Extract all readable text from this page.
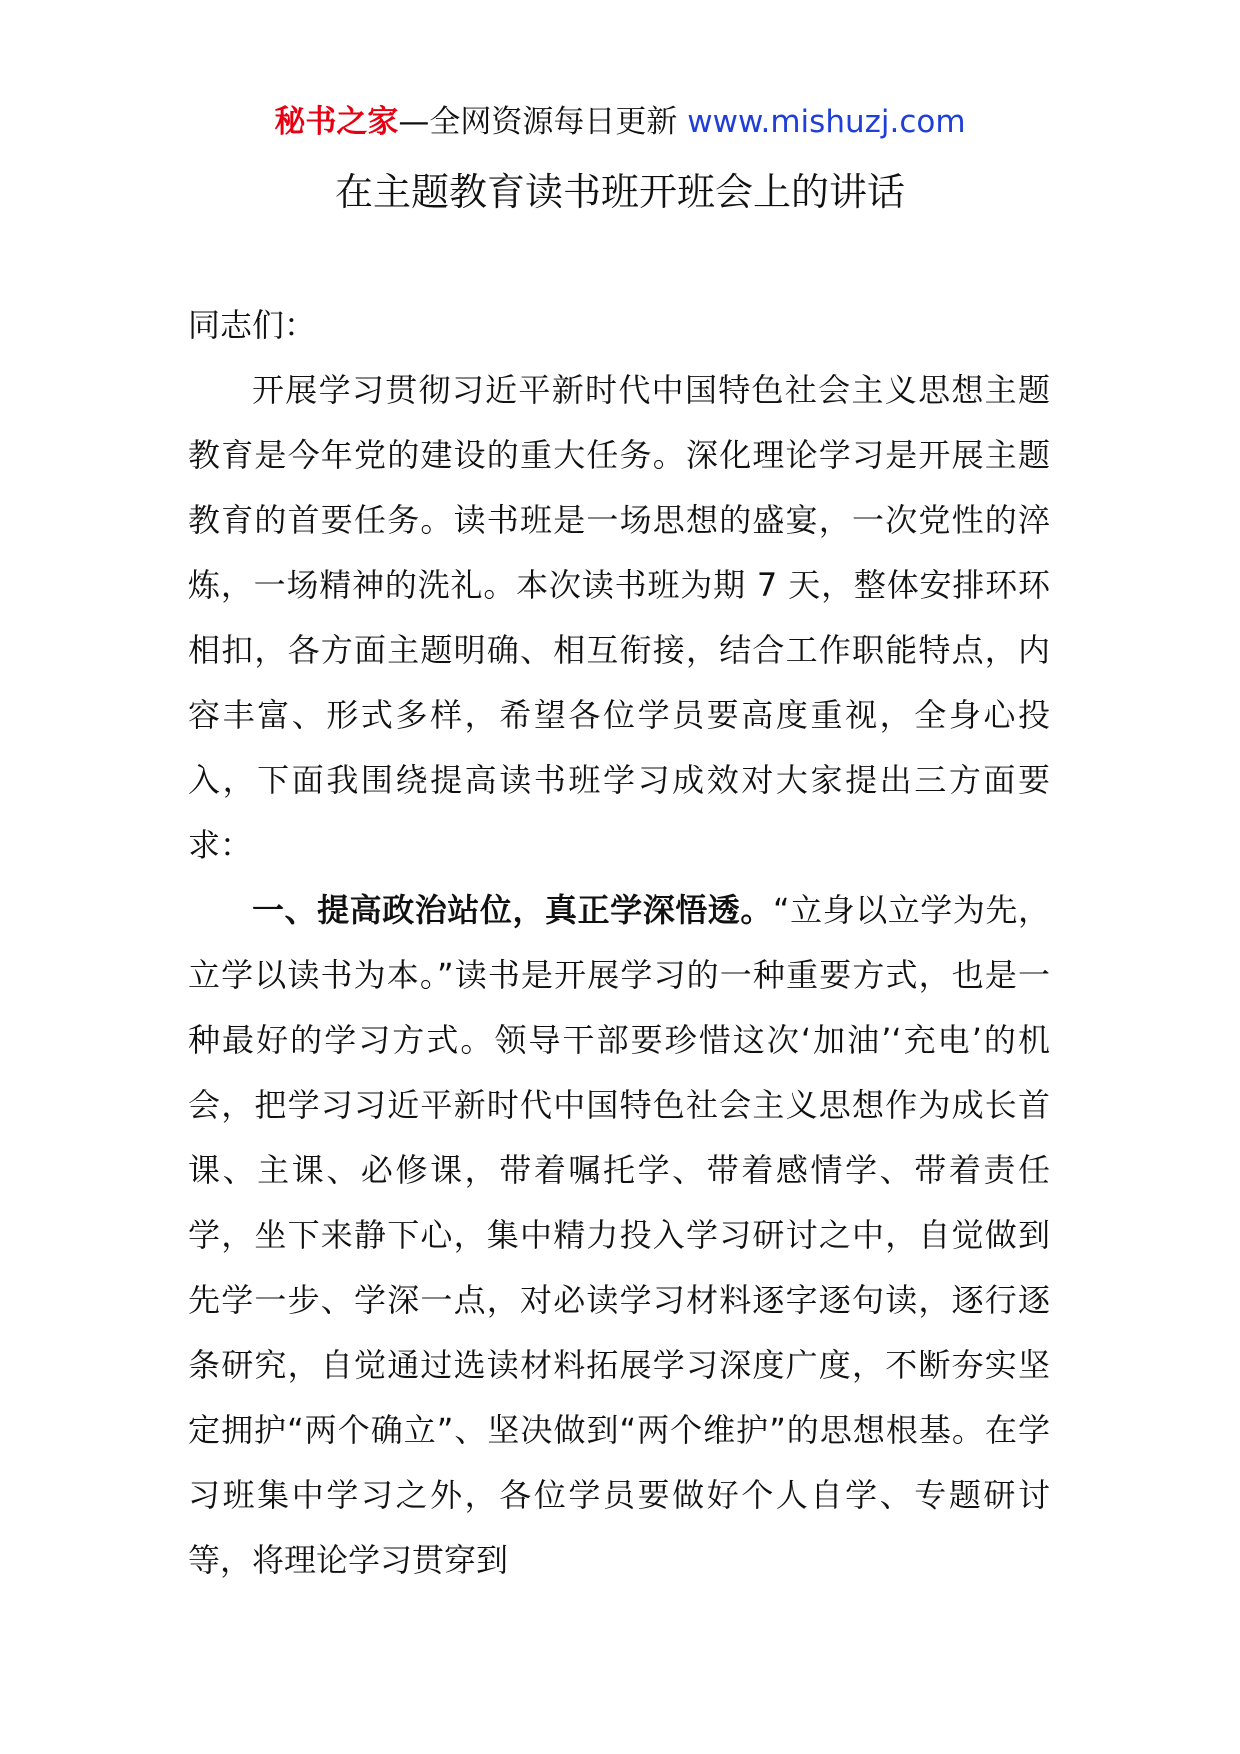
秘书之家—全网资源每日更新 www.mishuzj.com
在主题教育读书班开班会上的讲话

同志们：

开展学习贯彻习近平新时代中国特色社会主义思想主题教育是今年党的建设的重大任务。深化理论学习是开展主题教育的首要任务。读书班是一场思想的盛宴，一次党性的淬炼，一场精神的洗礼。本次读书班为期 7 天，整体安排环环相扣，各方面主题明确、相互衔接，结合工作职能特点，内容丰富、形式多样，希望各位学员要高度重视，全身心投入，下面我围绕提高读书班学习成效对大家提出三方面要求：

一、提高政治站位，真正学深悟透。“立身以立学为先，立学以读书为本。”读书是开展学习的一种重要方式，也是一种最好的学习方式。领导干部要珍惜这次‘加油’‘充电’的机会，把学习习近平新时代中国特色社会主义思想作为成长首课、主课、必修课，带着嘱托学、带着感情学、带着责任学，坐下来静下心，集中精力投入学习研讨之中，自觉做到先学一步、学深一点，对必读学习材料逐字逐句读，逐行逐条研究，自觉通过选读材料拓展学习深度广度，不断夯实坚定拥护“两个确立”、坚决做到“两个维护”的思想根基。在学习班集中学习之外，各位学员要做好个人自学、专题研讨等，将理论学习贯穿到
